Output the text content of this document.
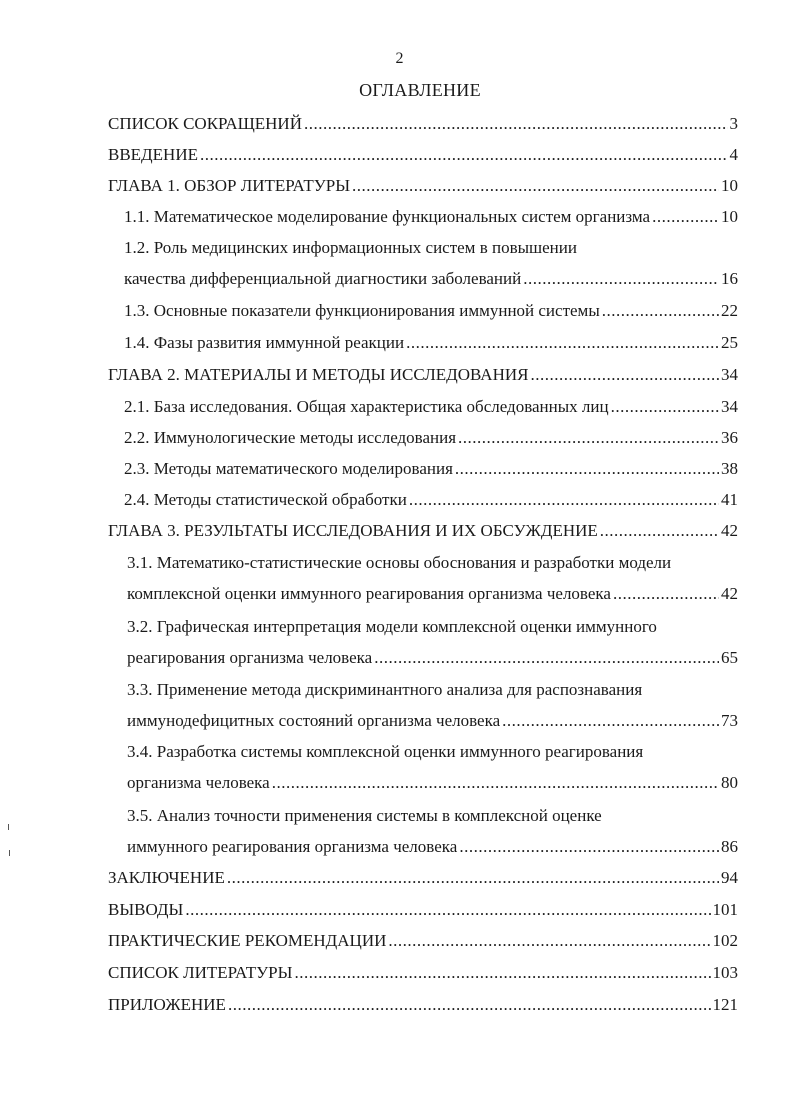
2
ОГЛАВЛЕНИЕ
СПИСОК СОКРАЩЕНИЙ .....	3
ВВЕДЕНИЕ .....	4
ГЛАВА 1. ОБЗОР ЛИТЕРАТУРЫ .....	10
1.1. Математическое моделирование функциональных систем организма .....	10
1.2. Роль медицинских информационных систем в повышении
качества дифференциальной диагностики заболеваний .....	16
1.3. Основные показатели функционирования иммунной системы .....	22
1.4. Фазы развития иммунной реакции .....	25
ГЛАВА 2. МАТЕРИАЛЫ И МЕТОДЫ ИССЛЕДОВАНИЯ .....	34
2.1. База исследования. Общая характеристика обследованных лиц .....	34
2.2. Иммунологические методы исследования .....	36
2.3. Методы математического моделирования .....	38
2.4. Методы статистической обработки .....	41
ГЛАВА 3. РЕЗУЛЬТАТЫ ИССЛЕДОВАНИЯ И ИХ ОБСУЖДЕНИЕ .....	42
3.1. Математико-статистические основы обоснования и разработки модели
комплексной оценки иммунного реагирования организма человека .....	42
3.2. Графическая интерпретация модели комплексной оценки иммунного
реагирования организма человека .....	65
3.3. Применение метода дискриминантного анализа для распознавания
иммунодефицитных состояний организма человека .....	73
3.4. Разработка системы комплексной оценки иммунного реагирования
организма человека .....	80
3.5. Анализ точности применения системы в комплексной оценке
иммунного реагирования организма человека .....	86
ЗАКЛЮЧЕНИЕ .....	94
ВЫВОДЫ .....	101
ПРАКТИЧЕСКИЕ РЕКОМЕНДАЦИИ .....	102
СПИСОК ЛИТЕРАТУРЫ .....	103
ПРИЛОЖЕНИЕ .....	121
